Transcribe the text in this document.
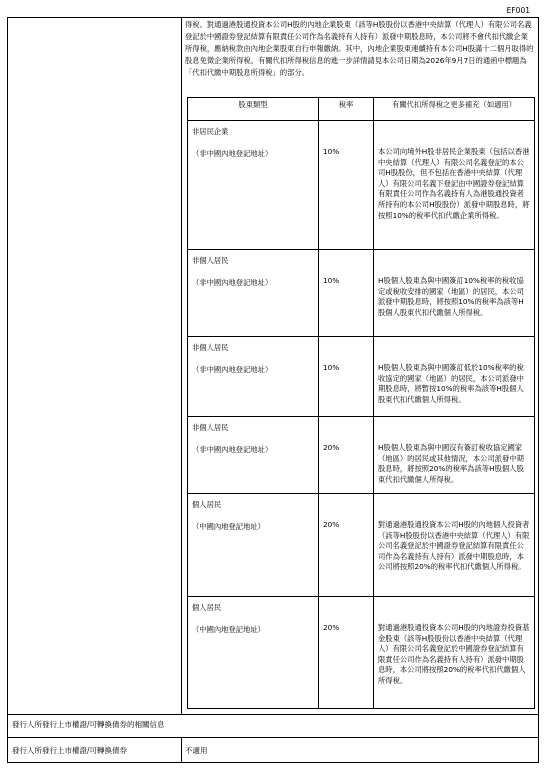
EF001
得稅。對通過港股通投資本公司H股的內地企業股東（該等H股股份以香港中央結算（代理人）有限公司名義登記於中國證券登記結算有限責任公司作為名義持有人持有）派發中期股息時，本公司將不會代扣代繳企業所得稅，應納稅款由內地企業股東自行申報繳納。其中，內地企業股東連續持有本公司H股滿十二個月取得的股息免徵企業所得稅。有關代扣所得稅信息的進一步詳情請見本公司日期為2026年9月7日的通函中標題為「代扣代繳中期股息所得稅」的部分。
股東類型	稅率	有關代扣所得稅之更多補充（如適用）

非居民企業
（非中國內地登記地址）	10%	本公司向境外H股非居民企業股東（包括以香港中央結算（代理人）有限公司名義登記的本公司H股股份，但不包括在香港中央結算（代理人）有限公司名義下登記由中國證券登記結算有限責任公司作為名義持有人為港股通投資者所持有的本公司H股股份）派發中期股息時，將按照10%的稅率代扣代繳企業所得稅。

非個人居民
（非中國內地登記地址）	10%	H股個人股東為與中國簽訂10%稅率的稅收協定或稅收安排的國家（地區）的居民，本公司派發中期股息時，將按照10%的稅率為該等H股個人股東代扣代繳個人所得稅。

非個人居民
（非中國內地登記地址）	10%	H股個人股東為與中國簽訂低於10%稅率的稅收協定的國家（地區）的居民，本公司派發中期股息時，將暫按10%的稅率為該等H股個人股東代扣代繳個人所得稅。

非個人居民
（非中國內地登記地址）	20%	H股個人股東為與中國沒有簽訂稅收協定國家（地區）的居民或其他情況，本公司派發中期股息時，將按照20%的稅率為該等H股個人股東代扣代繳個人所得稅。

個人居民
（中國內地登記地址）	20%	對通過港股通投資本公司H股的內地個人投資者（該等H股股份以香港中央結算（代理人）有限公司名義登記於中國證券登記結算有限責任公司作為名義持有人持有）派發中期股息時，本公司將按照20%的稅率代扣代繳個人所得稅。

個人居民
（中國內地登記地址）	20%	對通過港股通投資本公司H股的內地證券投資基金股東（該等H股股份以香港中央結算（代理人）有限公司名義登記於中國證券登記結算有限責任公司作為名義持有人持有）派發中期股息時，本公司將按照20%的稅率代扣代繳個人所得稅。
發行人所發行上市權證/可轉換債券的相關信息
發行人所發行上市權證/可轉換債券	不適用
